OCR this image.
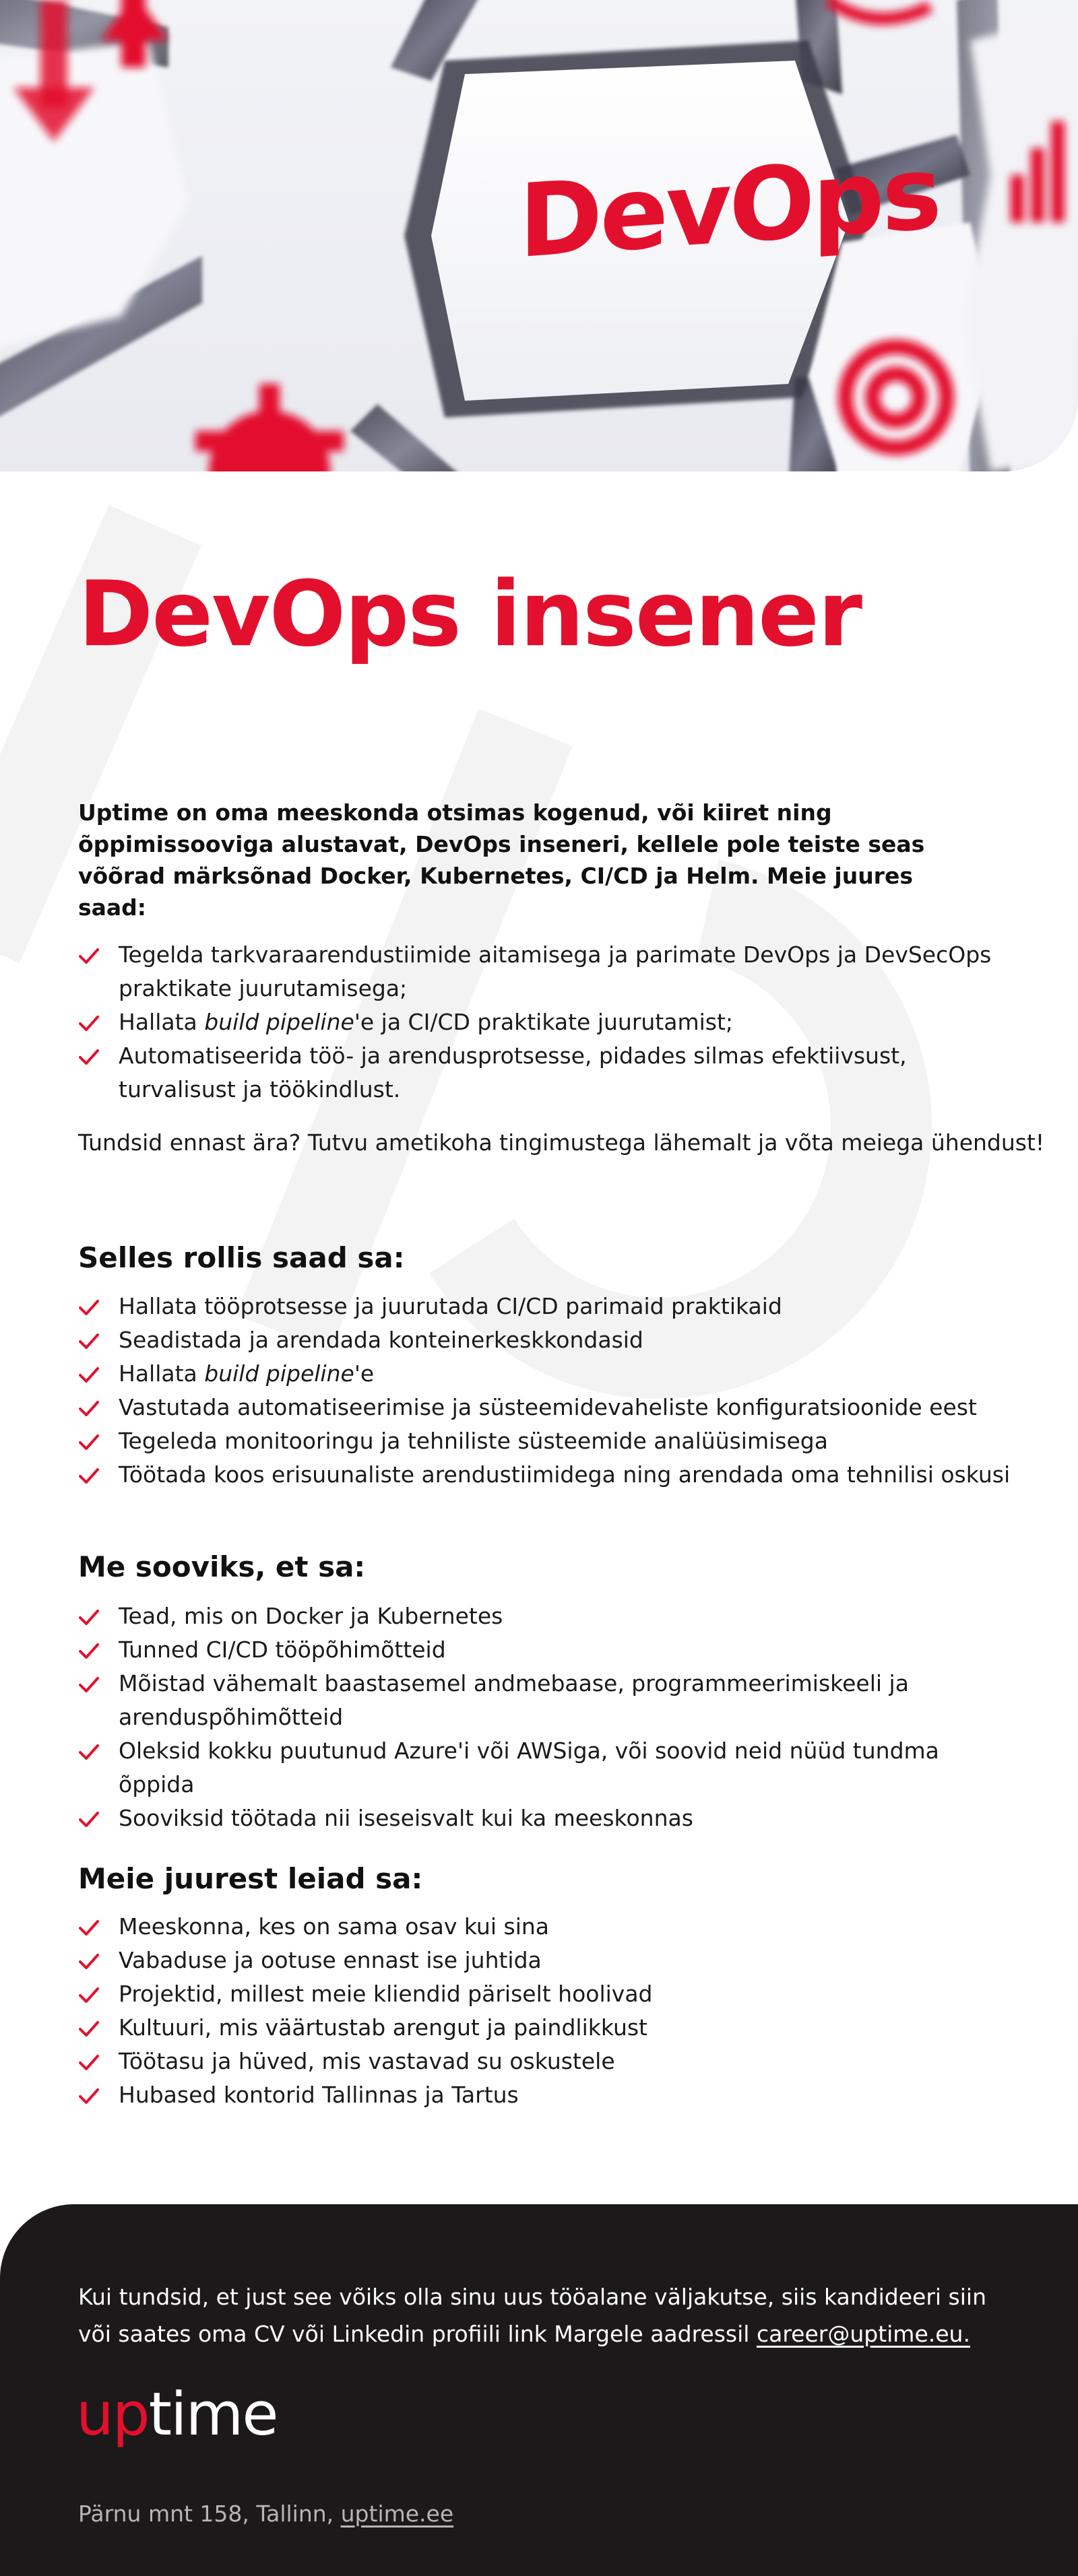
DevOps
DevOps insener

Uptime on oma meeskonda otsimas kogenud, või kiiret ning õppimissooviga alustavat, DevOps inseneri, kellele pole teiste seas võõrad märksõnad Docker, Kubernetes, CI/CD ja Helm. Meie juures saad:

Tegelda tarkvaraarendustiimide aitamisega ja parimate DevOps ja DevSecOps praktikate juurutamisega;
Hallata build pipeline'e ja CI/CD praktikate juurutamist;
Automatiseerida töö- ja arendusprotsesse, pidades silmas efektiivsust, turvalisust ja töökindlust.

Tundsid ennast ära? Tutvu ametikoha tingimustega lähemalt ja võta meiega ühendust!

Selles rollis saad sa:
Hallata tööprotsesse ja juurutada CI/CD parimaid praktikaid
Seadistada ja arendada konteinerkeskkondasid
Hallata build pipeline'e
Vastutada automatiseerimise ja süsteemidevaheliste konfiguratsioonide eest
Tegeleda monitooringu ja tehniliste süsteemide analüüsimisega
Töötada koos erisuunaliste arendustiimidega ning arendada oma tehnilisi oskusi
Me sooviks, et sa:
Tead, mis on Docker ja Kubernetes
Tunned CI/CD tööpõhimõtteid
Mõistad vähemalt baastasemel andmebaase, programmeerimiskeeli ja arenduspõhimõtteid
Oleksid kokku puutunud Azure'i või AWSiga, või soovid neid nüüd tundma õppida
Sooviksid töötada nii iseseisvalt kui ka meeskonnas
Meie juurest leiad sa:
Meeskonna, kes on sama osav kui sina
Vabaduse ja ootuse ennast ise juhtida
Projektid, millest meie kliendid päriselt hoolivad
Kultuuri, mis väärtustab arengut ja paindlikkust
Töötasu ja hüved, mis vastavad su oskustele
Hubased kontorid Tallinnas ja Tartus

Kui tundsid, et just see võiks olla sinu uus tööalane väljakutse, siis kandideeri siin või saates oma CV või Linkedin profiili link Margele aadressil career@uptime.eu.

uptime

Pärnu mnt 158, Tallinn, uptime.ee
